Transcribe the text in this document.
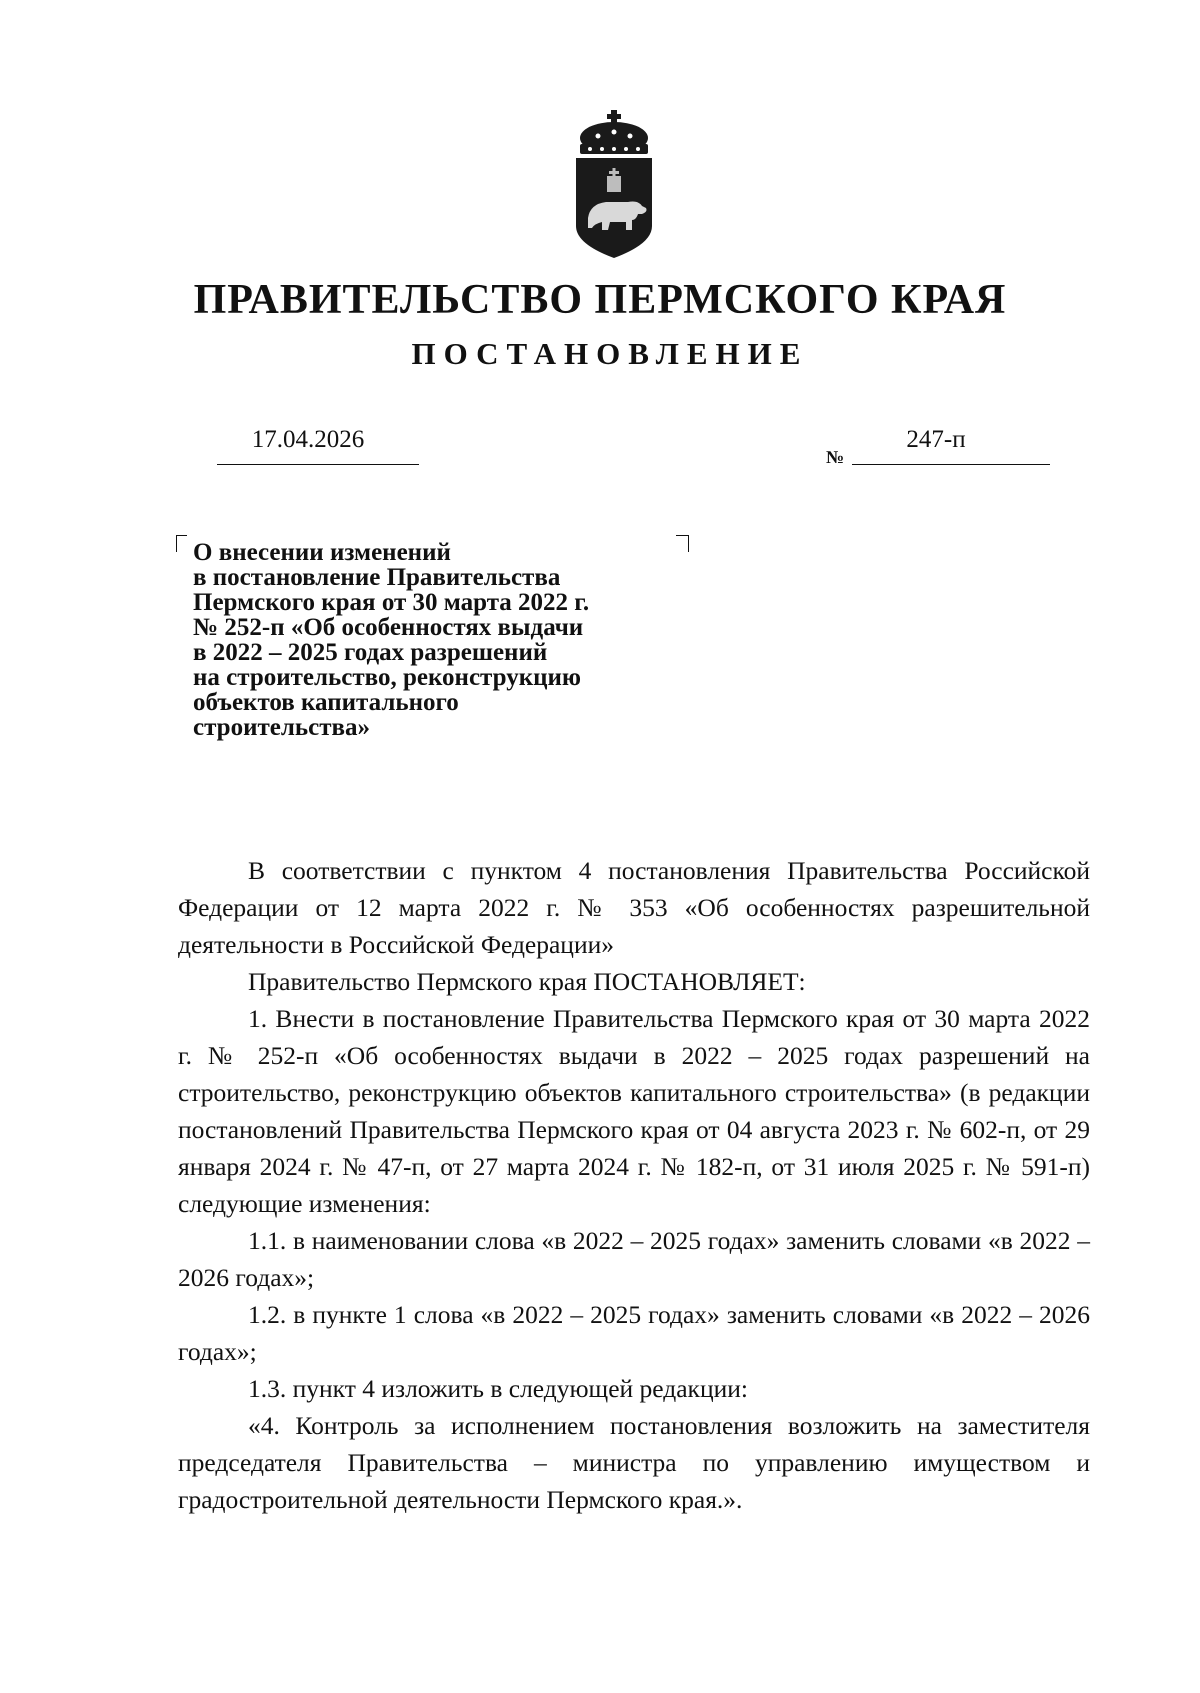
ПРАВИТЕЛЬСТВО ПЕРМСКОГО КРАЯ
ПОСТАНОВЛЕНИЕ
17.04.2026
№
247-п
О внесении изменений
в постановление Правительства
Пермского края от 30 марта 2022 г.
№ 252-п «Об особенностях выдачи
в 2022 – 2025 годах разрешений
на строительство, реконструкцию
объектов капитального
строительства»

В соответствии с пунктом 4 постановления Правительства Российской Федерации от 12 марта 2022 г. № 353 «Об особенностях разрешительной деятельности в Российской Федерации»

Правительство Пермского края ПОСТАНОВЛЯЕТ:

1. Внести в постановление Правительства Пермского края от 30 марта 2022 г. № 252-п «Об особенностях выдачи в 2022 – 2025 годах разрешений на строительство, реконструкцию объектов капитального строительства» (в редакции постановлений Правительства Пермского края от 04 августа 2023 г. № 602-п, от 29 января 2024 г. № 47-п, от 27 марта 2024 г. № 182-п, от 31 июля 2025 г. № 591-п) следующие изменения:

1.1. в наименовании слова «в 2022 – 2025 годах» заменить словами «в 2022 – 2026 годах»;

1.2. в пункте 1 слова «в 2022 – 2025 годах» заменить словами «в 2022 – 2026 годах»;

1.3. пункт 4 изложить в следующей редакции:

«4. Контроль за исполнением постановления возложить на заместителя председателя Правительства – министра по управлению имуществом и градостроительной деятельности Пермского края.».
